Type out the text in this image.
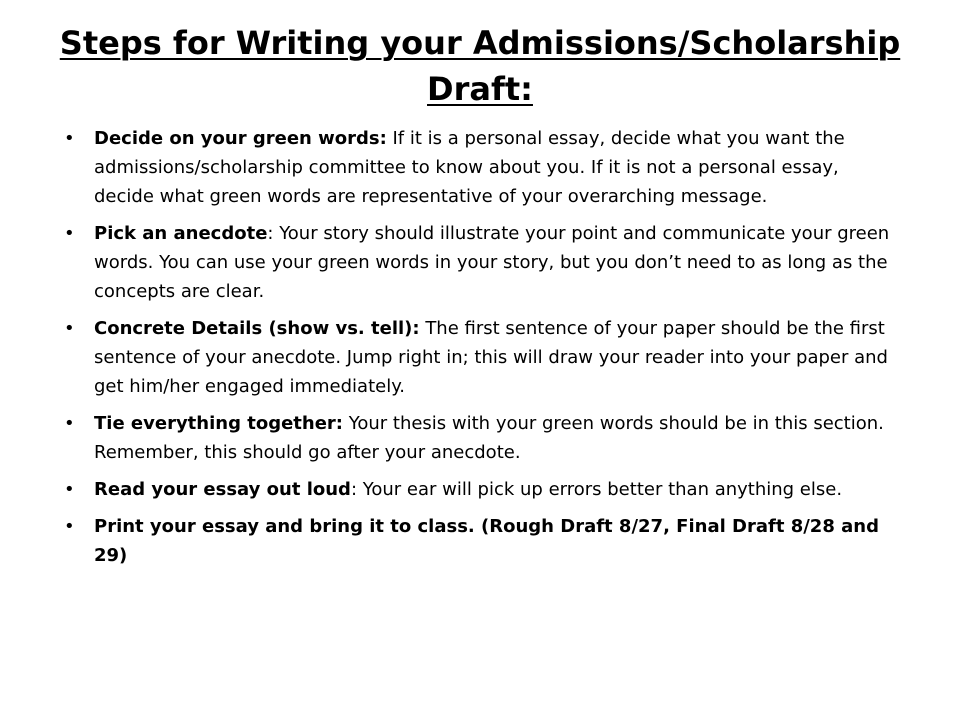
Steps for Writing your Admissions/Scholarship Draft:
• Decide on your green words: If it is a personal essay, decide what you want the admissions/scholarship committee to know about you. If it is not a personal essay, decide what green words are representative of your overarching message.
• Pick an anecdote: Your story should illustrate your point and communicate your green words. You can use your green words in your story, but you don’t need to as long as the concepts are clear.
• Concrete Details (show vs. tell): The first sentence of your paper should be the first sentence of your anecdote. Jump right in; this will draw your reader into your paper and get him/her engaged immediately.
• Tie everything together: Your thesis with your green words should be in this section. Remember, this should go after your anecdote.
• Read your essay out loud: Your ear will pick up errors better than anything else.
• Print your essay and bring it to class. (Rough Draft 8/27, Final Draft 8/28 and 29)
